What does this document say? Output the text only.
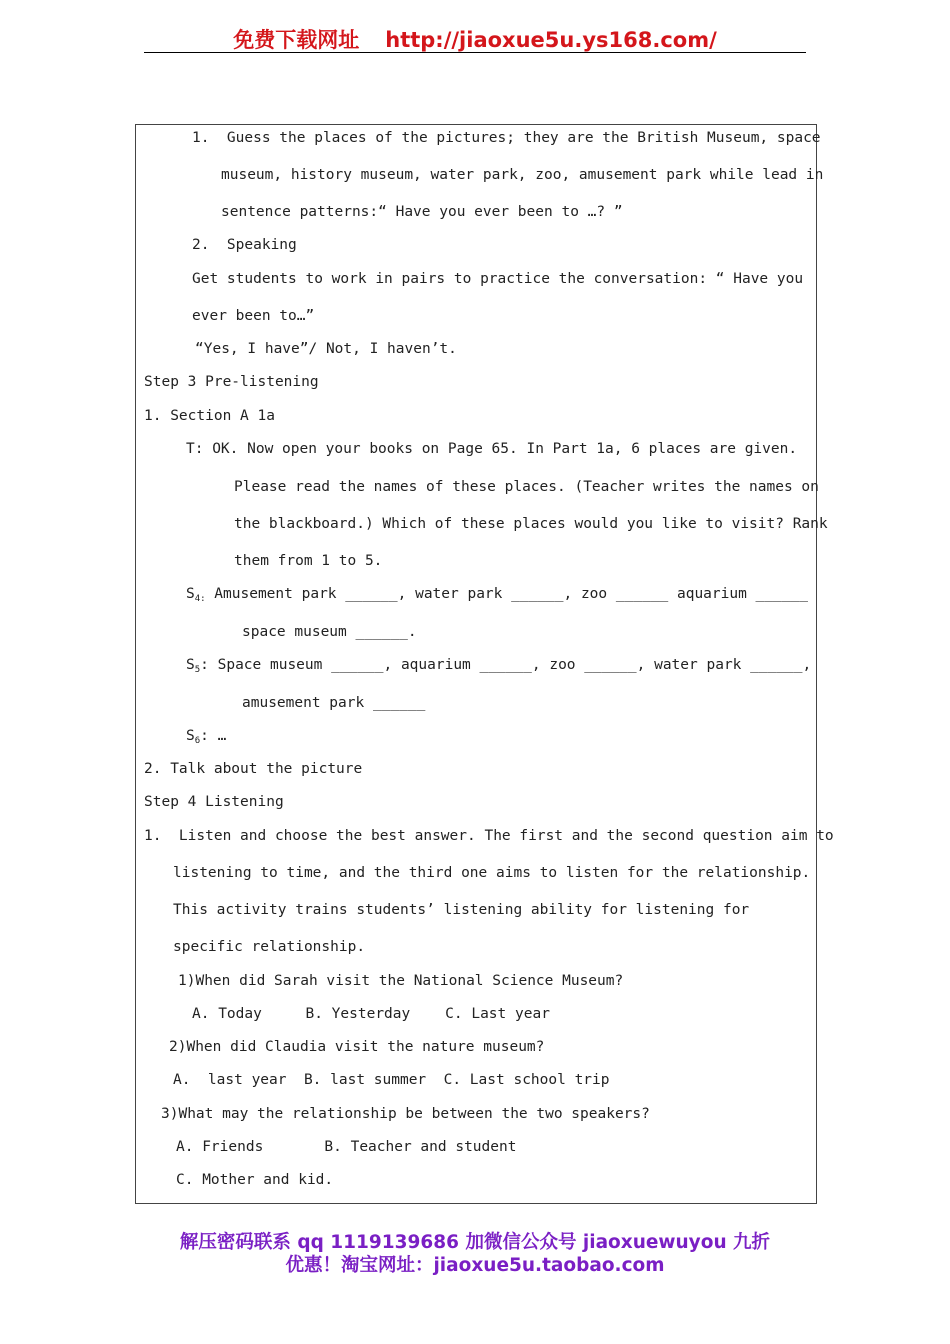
免费下载网址 http://jiaoxue5u.ys168.com/
1.  Guess the places of the pictures; they are the British Museum, space
museum, history museum, water park, zoo, amusement park while lead in
sentence patterns:“ Have you ever been to …? ”
2.  Speaking
Get students to work in pairs to practice the conversation: “ Have you
ever been to…”
“Yes, I have”/ Not, I haven’t.
Step 3 Pre-listening
1. Section A 1a
T: OK. Now open your books on Page 65. In Part 1a, 6 places are given.
Please read the names of these places. (Teacher writes the names on
the blackboard.) Which of these places would you like to visit? Rank
them from 1 to 5.
$S_{4:}$ Amusement park ______, water park ______, zoo ______ aquarium ______
space museum ______.
$S_5$: Space museum ______, aquarium ______, zoo ______, water park ______,
amusement park ______
$S_6$: …
2. Talk about the picture
Step 4 Listening
1.  Listen and choose the best answer. The first and the second question aim to
listening to time, and the third one aims to listen for the relationship.
This activity trains students’ listening ability for listening for
specific relationship.
1)When did Sarah visit the National Science Museum?
A. Today     B. Yesterday    C. Last year
2)When did Claudia visit the nature museum?
A.  last year  B. last summer  C. Last school trip
3)What may the relationship be between the two speakers?
A. Friends       B. Teacher and student
C. Mother and kid.
解压密码联系 qq 1119139686 加微信公众号 jiaoxuewuyou 九折
优惠！淘宝网址：jiaoxue5u.taobao.com
